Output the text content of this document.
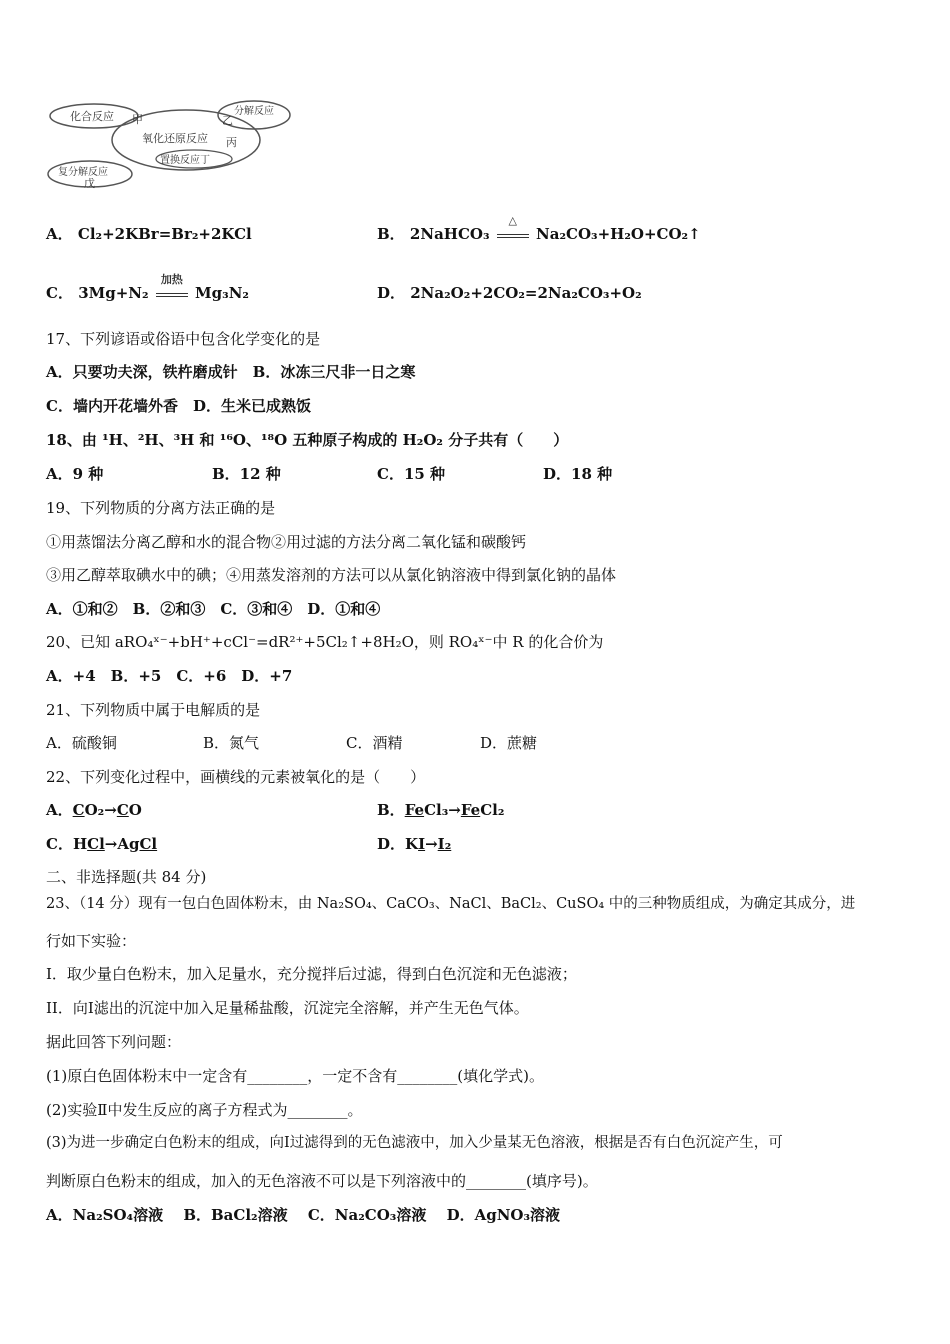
化合反应 甲
分解反应
乙
氧化还原反应 丙
置换反应丁
复分解反应
戊
A． Cl₂+2KBr=Br₂+2KCl	B． 2NaHCO₃
△
Na₂CO₃+H₂O+CO₂↑
C． 3Mg+N₂
加热
Mg₃N₂	D． 2Na₂O₂+2CO₂=2Na₂CO₃+O₂
17、下列谚语或俗语中包含化学变化的是
A．只要功夫深，铁杵磨成针　B．冰冻三尺非一日之寒
C．墙内开花墙外香　D．生米已成熟饭
18、由 ¹H、²H、³H 和 ¹⁶O、¹⁸O 五种原子构成的 H₂O₂ 分子共有（　　）
A．9 种	B．12 种	C．15 种	D．18 种
19、下列物质的分离方法正确的是
①用蒸馏法分离乙醇和水的混合物②用过滤的方法分离二氧化锰和碳酸钙
③用乙醇萃取碘水中的碘；④用蒸发溶剂的方法可以从氯化钠溶液中得到氯化钠的晶体
A．①和②　B．②和③　C．③和④　D．①和④
20、已知 aRO₄ˣ⁻+bH⁺+cCl⁻=dR²⁺+5Cl₂↑+8H₂O，则 RO₄ˣ⁻中 R 的化合价为
A．+4　B．+5　C．+6　D．+7
21、下列物质中属于电解质的是
A．硫酸铜	B．氮气	C．酒精	D．蔗糖
22、下列变化过程中，画横线的元素被氧化的是（　　）
A．CO₂→CO	B．FeCl₃→FeCl₂
C．HCl→AgCl	D．KI→I₂
二、非选择题(共 84 分)
23、（14 分）现有一包白色固体粉末，由 Na₂SO₄、CaCO₃、NaCl、BaCl₂、CuSO₄ 中的三种物质组成，为确定其成分，进
行如下实验：
I．取少量白色粉末，加入足量水，充分搅拌后过滤，得到白色沉淀和无色滤液；
II．向Ⅰ滤出的沉淀中加入足量稀盐酸，沉淀完全溶解，并产生无色气体。
据此回答下列问题：
(1)原白色固体粉末中一定含有________，一定不含有________(填化学式)。
(2)实验Ⅱ中发生反应的离子方程式为________。
(3)为进一步确定白色粉末的组成，向Ⅰ过滤得到的无色滤液中，加入少量某无色溶液，根据是否有白色沉淀产生，可
判断原白色粉末的组成，加入的无色溶液不可以是下列溶液中的________(填序号)。
A．Na₂SO₄溶液　 B．BaCl₂溶液　 C．Na₂CO₃溶液　 D．AgNO₃溶液
